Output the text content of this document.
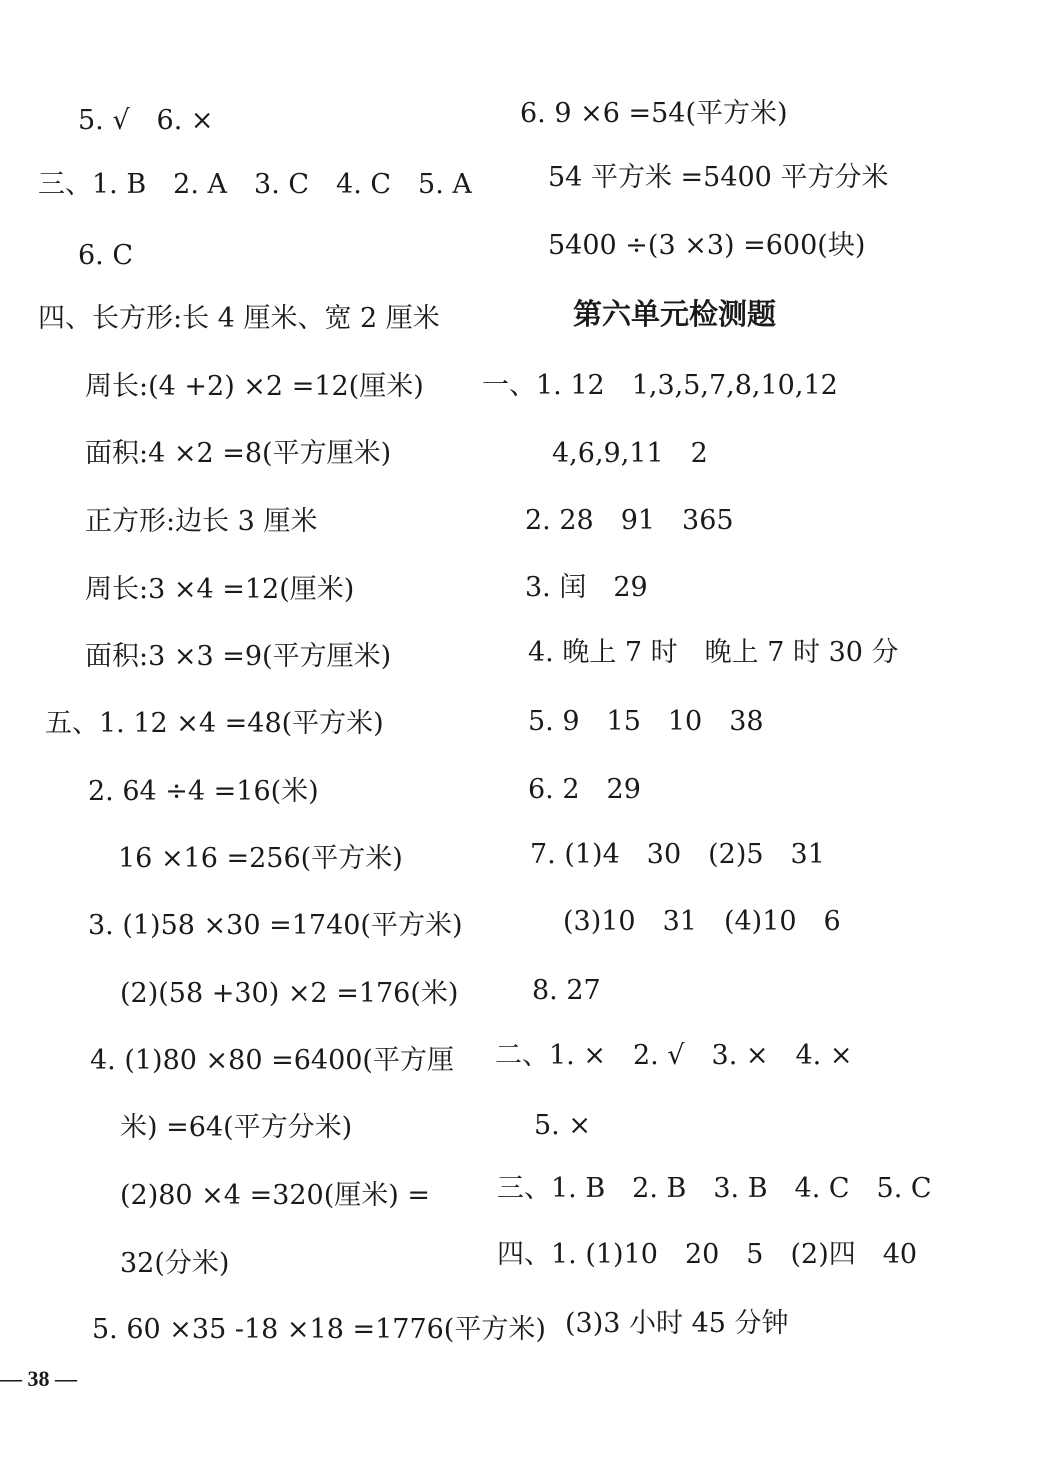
5. √　6. ×
三、1. B　2. A　3. C　4. C　5. A
6. C
四、长方形:长 4 厘米、宽 2 厘米
周长:(4 +2) ×2 =12(厘米)
面积:4 ×2 =8(平方厘米)
正方形:边长 3 厘米
周长:3 ×4 =12(厘米)
面积:3 ×3 =9(平方厘米)
五、1. 12 ×4 =48(平方米)
2. 64 ÷4 =16(米)
16 ×16 =256(平方米)
3. (1)58 ×30 =1740(平方米)
(2)(58 +30) ×2 =176(米)
4. (1)80 ×80 =6400(平方厘
米) =64(平方分米)
(2)80 ×4 =320(厘米) =
32(分米)
5. 60 ×35 -18 ×18 =1776(平方米)
6. 9 ×6 =54(平方米)
54 平方米 =5400 平方分米
5400 ÷(3 ×3) =600(块)
第六单元检测题
一、1. 12　1,3,5,7,8,10,12
4,6,9,11　2
2. 28　91　365
3. 闰　29
4. 晚上 7 时　晚上 7 时 30 分
5. 9　15　10　38
6. 2　29
7. (1)4　30　(2)5　31
(3)10　31　(4)10　6
8. 27
二、1. ×　2. √　3. ×　4. ×
5. ×
三、1. B　2. B　3. B　4. C　5. C
四、1. (1)10　20　5　(2)四　40
(3)3 小时 45 分钟
— 38 —
